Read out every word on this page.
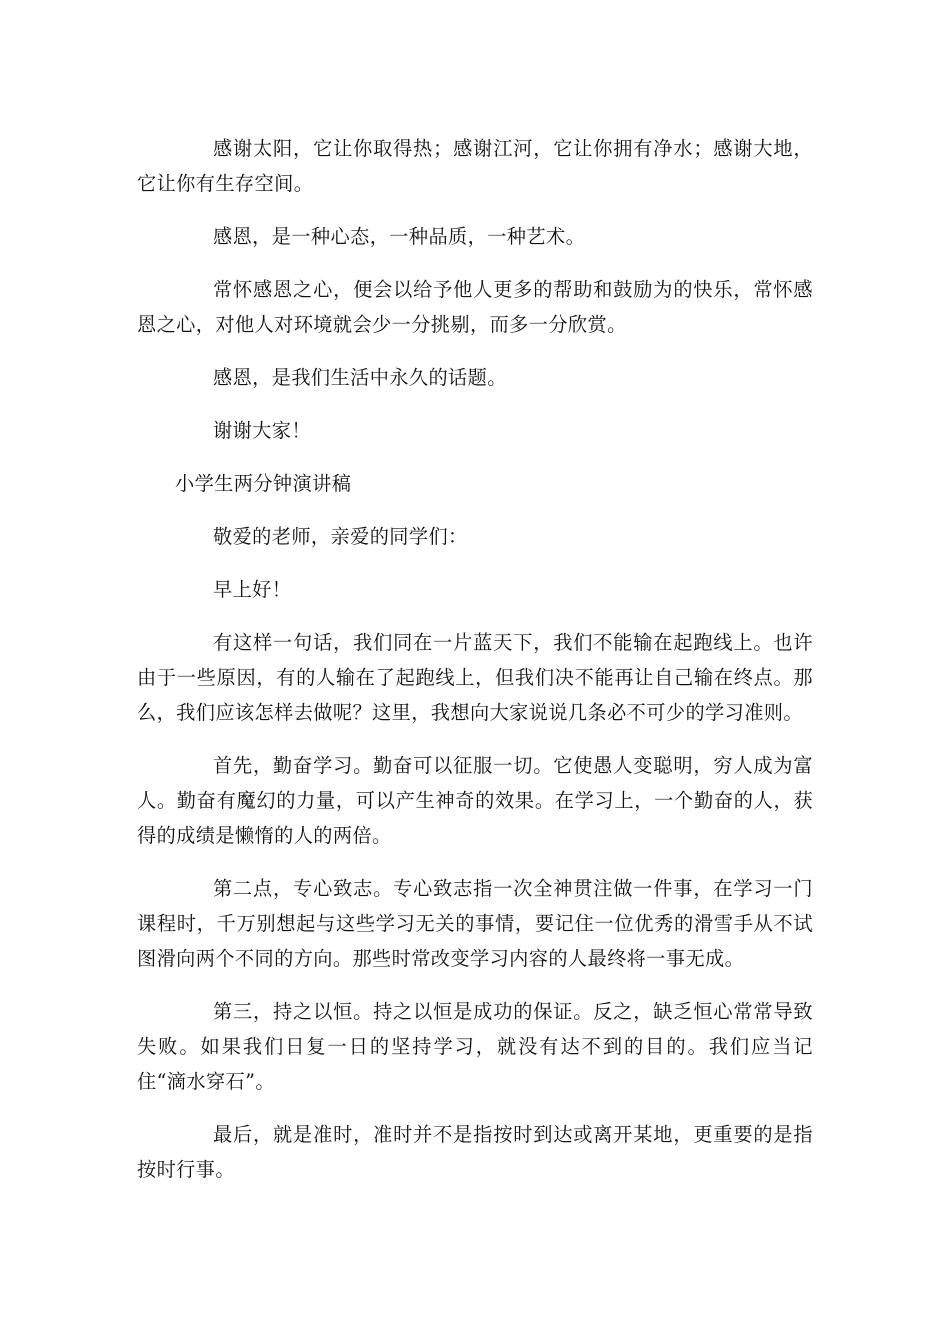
感谢太阳，它让你取得热；感谢江河，它让你拥有净水；感谢大地，它让你有生存空间。

感恩，是一种心态，一种品质，一种艺术。

常怀感恩之心，便会以给予他人更多的帮助和鼓励为的快乐，常怀感恩之心，对他人对环境就会少一分挑剔，而多一分欣赏。

感恩，是我们生活中永久的话题。

谢谢大家！

小学生两分钟演讲稿

敬爱的老师，亲爱的同学们：

早上好！

有这样一句话，我们同在一片蓝天下，我们不能输在起跑线上。也许由于一些原因，有的人输在了起跑线上，但我们决不能再让自己输在终点。那么，我们应该怎样去做呢？这里，我想向大家说说几条必不可少的学习准则。

首先，勤奋学习。勤奋可以征服一切。它使愚人变聪明，穷人成为富人。勤奋有魔幻的力量，可以产生神奇的效果。在学习上，一个勤奋的人，获得的成绩是懒惰的人的两倍。

第二点，专心致志。专心致志指一次全神贯注做一件事，在学习一门课程时，千万别想起与这些学习无关的事情，要记住一位优秀的滑雪手从不试图滑向两个不同的方向。那些时常改变学习内容的人最终将一事无成。

第三，持之以恒。持之以恒是成功的保证。反之，缺乏恒心常常导致失败。如果我们日复一日的坚持学习，就没有达不到的目的。我们应当记住“滴水穿石”。

最后，就是准时，准时并不是指按时到达或离开某地，更重要的是指按时行事。
